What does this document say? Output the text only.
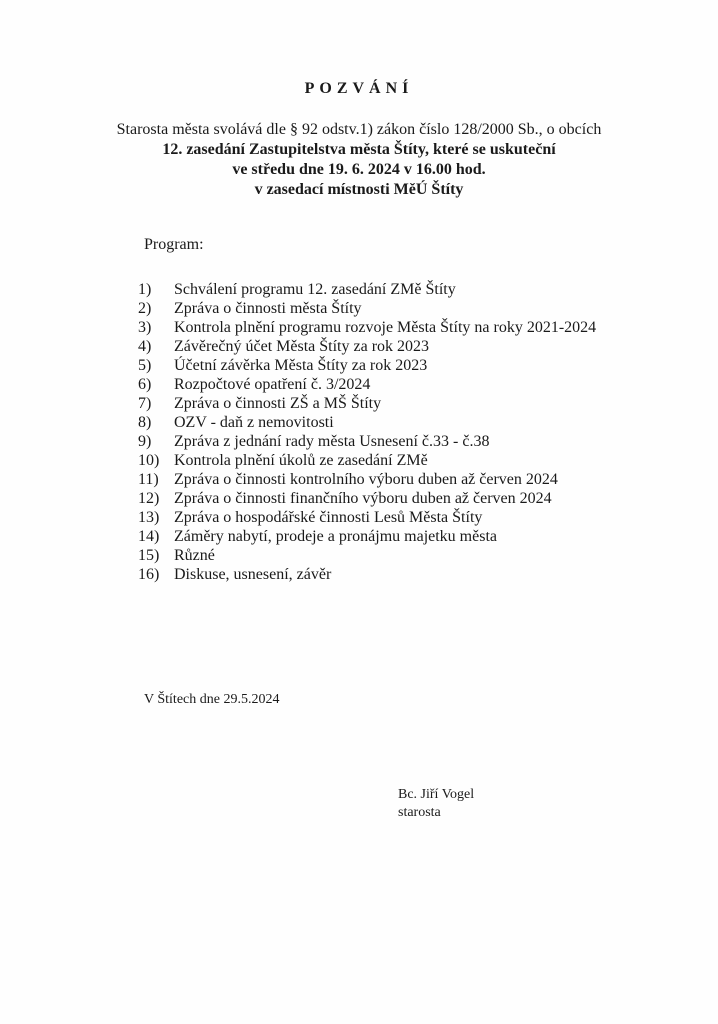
POZVÁNÍ
Starosta města svolává dle § 92 odstv.1) zákon číslo 128/2000 Sb., o obcích
12. zasedání Zastupitelstva města Štíty, které se uskuteční
ve středu dne 19. 6. 2024 v 16.00 hod.
v zasedací místnosti MěÚ Štíty
Program:
1)	Schválení programu 12. zasedání ZMě Štíty
2)	Zpráva o činnosti města Štíty
3)	Kontrola plnění programu rozvoje Města Štíty na roky 2021-2024
4)	Závěrečný účet Města Štíty za rok 2023
5)	Účetní závěrka Města Štíty za rok 2023
6)	Rozpočtové opatření č. 3/2024
7)	Zpráva o činnosti ZŠ a MŠ Štíty
8)	OZV - daň z nemovitosti
9)	Zpráva z jednání rady města Usnesení č.33 - č.38
10) Kontrola plnění úkolů ze zasedání ZMě
11) Zpráva o činnosti kontrolního výboru duben až červen 2024
12) Zpráva o činnosti finančního výboru duben až červen 2024
13) Zpráva o hospodářské činnosti Lesů Města Štíty
14) Záměry nabytí, prodeje a pronájmu majetku města
15) Různé
16) Diskuse, usnesení, závěr
V Štítech dne 29.5.2024
Bc. Jiří Vogel
starosta
